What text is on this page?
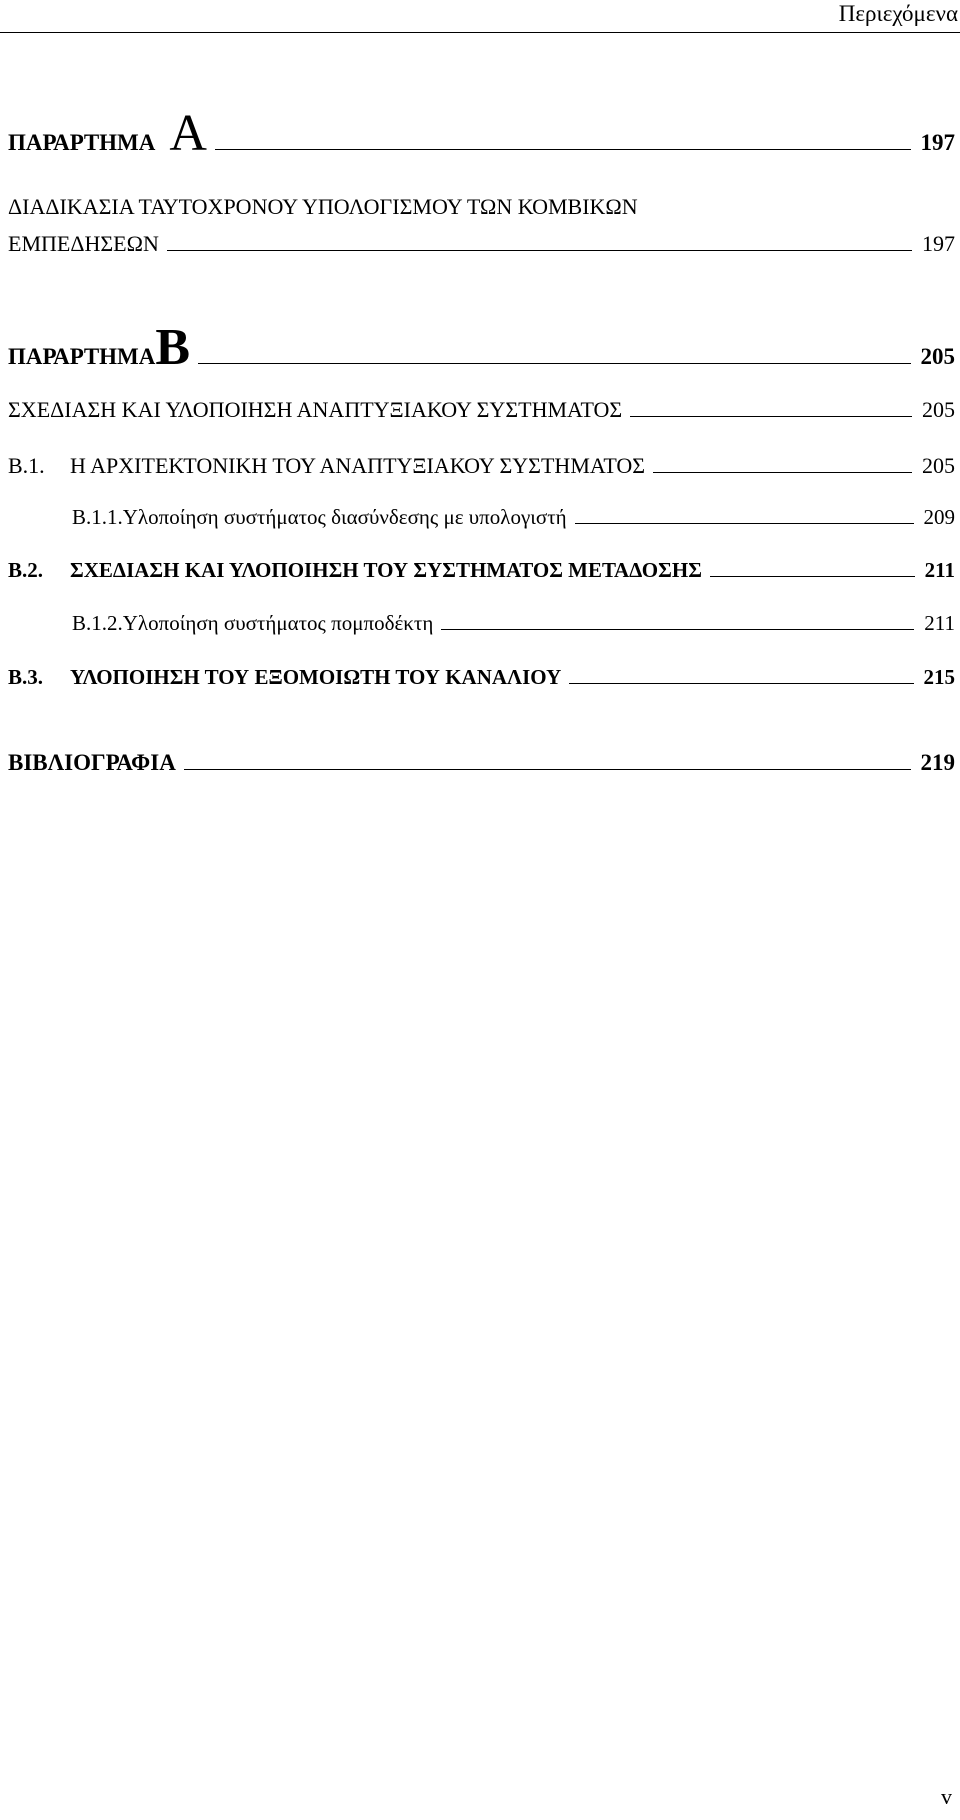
Περιεχόμενα
ΠΑΡΑΡΤΗΜΑ A	197
ΔΙΑΔΙΚΑΣΙΑ ΤΑΥΤΟΧΡΟΝΟΥ ΥΠΟΛΟΓΙΣΜΟΥ ΤΩΝ ΚΟΜΒΙΚΩΝ
ΕΜΠΕΔΗΣΕΩΝ	197
ΠΑΡΑΡΤΗΜΑ B	205
ΣΧΕΔΙΑΣΗ ΚΑΙ ΥΛΟΠΟΙΗΣΗ ΑΝΑΠΤΥΞΙΑΚΟΥ ΣΥΣΤΗΜΑΤΟΣ	205
B.1.	Η ΑΡΧΙΤΕΚΤΟΝΙΚΗ ΤΟΥ ΑΝΑΠΤΥΞΙΑΚΟΥ ΣΥΣΤΗΜΑΤΟΣ	205
B.1.1.Υλοποίηση συστήματος διασύνδεσης με υπολογιστή	209
B.2.	ΣΧΕΔΙΑΣΗ ΚΑΙ ΥΛΟΠΟΙΗΣΗ ΤΟΥ ΣΥΣΤΗΜΑΤΟΣ ΜΕΤΑΔΟΣΗΣ	211
B.1.2.Υλοποίηση συστήματος πομποδέκτη	211
B.3.	ΥΛΟΠΟΙΗΣΗ ΤΟΥ ΕΞΟΜΟΙΩΤΗ ΤΟΥ ΚΑΝΑΛΙΟΥ	215
ΒΙΒΛΙΟΓΡΑΦΙΑ	219
v
